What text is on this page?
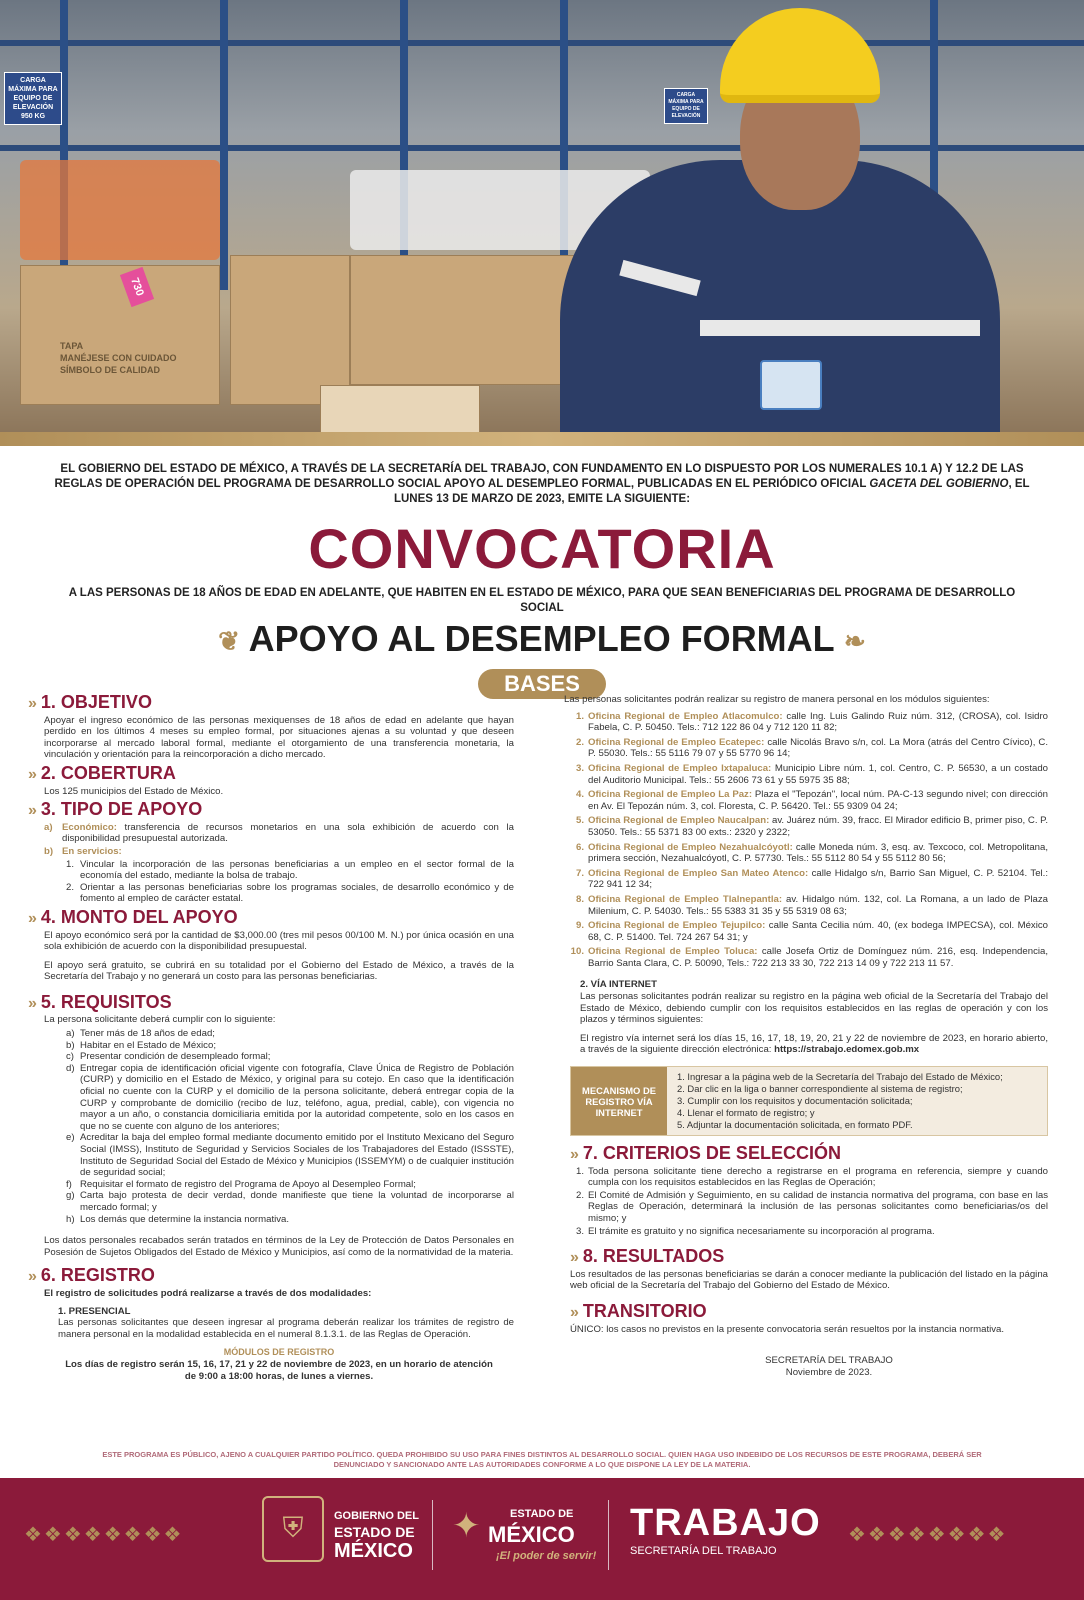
TAPA
MANÉJESE CON CUIDADO
SÍMBOLO DE CALIDAD
730
CARGA MÁXIMA PARA EQUIPO DE ELEVACIÓN 950 KG
CARGA MÁXIMA PARA EQUIPO DE ELEVACIÓN
EL GOBIERNO DEL ESTADO DE MÉXICO, A TRAVÉS DE LA SECRETARÍA DEL TRABAJO, CON FUNDAMENTO EN LO DISPUESTO POR LOS NUMERALES 10.1 A) Y 12.2 DE LAS REGLAS DE OPERACIÓN DEL PROGRAMA DE DESARROLLO SOCIAL APOYO AL DESEMPLEO FORMAL, PUBLICADAS EN EL PERIÓDICO OFICIAL GACETA DEL GOBIERNO, EL LUNES 13 DE MARZO DE 2023, EMITE LA SIGUIENTE:
CONVOCATORIA
A LAS PERSONAS DE 18 AÑOS DE EDAD EN ADELANTE, QUE HABITEN EN EL ESTADO DE MÉXICO, PARA QUE SEAN BENEFICIARIAS DEL PROGRAMA DE DESARROLLO SOCIAL
❦ APOYO AL DESEMPLEO FORMAL ❧
BASES
» 1. OBJETIVO
Apoyar el ingreso económico de las personas mexiquenses de 18 años de edad en adelante que hayan perdido en los últimos 4 meses su empleo formal, por situaciones ajenas a su voluntad y que deseen incorporarse al mercado laboral formal, mediante el otorgamiento de una transferencia monetaria, la vinculación y orientación para la reincorporación a dicho mercado.
» 2. COBERTURA
Los 125 municipios del Estado de México.
» 3. TIPO DE APOYO
a) Económico: transferencia de recursos monetarios en una sola exhibición de acuerdo con la disponibilidad presupuestal autorizada.
b) En servicios:
1. Vincular la incorporación de las personas beneficiarias a un empleo en el sector formal de la economía del estado, mediante la bolsa de trabajo.
2. Orientar a las personas beneficiarias sobre los programas sociales, de desarrollo económico y de fomento al empleo de carácter estatal.
» 4. MONTO DEL APOYO
El apoyo económico será por la cantidad de $3,000.00 (tres mil pesos 00/100 M. N.) por única ocasión en una sola exhibición de acuerdo con la disponibilidad presupuestal.
El apoyo será gratuito, se cubrirá en su totalidad por el Gobierno del Estado de México, a través de la Secretaría del Trabajo y no generará un costo para las personas beneficiarias.
» 5. REQUISITOS
La persona solicitante deberá cumplir con lo siguiente:
a) Tener más de 18 años de edad;
b) Habitar en el Estado de México;
c) Presentar condición de desempleado formal;
d) Entregar copia de identificación oficial vigente con fotografía, Clave Única de Registro de Población (CURP) y domicilio en el Estado de México, y original para su cotejo. En caso que la identificación oficial no cuente con la CURP y el domicilio de la persona solicitante, deberá entregar copia de la CURP y comprobante de domicilio (recibo de luz, teléfono, agua, predial, cable), con vigencia no mayor a un año, o constancia domiciliaria emitida por la autoridad competente, solo en los casos en que no se cuente con alguno de los anteriores;
e) Acreditar la baja del empleo formal mediante documento emitido por el Instituto Mexicano del Seguro Social (IMSS), Instituto de Seguridad y Servicios Sociales de los Trabajadores del Estado (ISSSTE), Instituto de Seguridad Social del Estado de México y Municipios (ISSEMYM) o de cualquier institución de seguridad social;
f) Requisitar el formato de registro del Programa de Apoyo al Desempleo Formal;
g) Carta bajo protesta de decir verdad, donde manifieste que tiene la voluntad de incorporarse al mercado formal; y
h) Los demás que determine la instancia normativa.
Los datos personales recabados serán tratados en términos de la Ley de Protección de Datos Personales en Posesión de Sujetos Obligados del Estado de México y Municipios, así como de la normatividad de la materia.
» 6. REGISTRO
El registro de solicitudes podrá realizarse a través de dos modalidades:
1. PRESENCIAL
Las personas solicitantes que deseen ingresar al programa deberán realizar los trámites de registro de manera personal en la modalidad establecida en el numeral 8.1.3.1. de las Reglas de Operación.
MÓDULOS DE REGISTRO
Los días de registro serán 15, 16, 17, 21 y 22 de noviembre de 2023, en un horario de atención de 9:00 a 18:00 horas, de lunes a viernes.
Las personas solicitantes podrán realizar su registro de manera personal en los módulos siguientes:
1. Oficina Regional de Empleo Atlacomulco: calle Ing. Luis Galindo Ruiz núm. 312, (CROSA), col. Isidro Fabela, C. P. 50450. Tels.: 712 122 86 04 y 712 120 11 82;
2. Oficina Regional de Empleo Ecatepec: calle Nicolás Bravo s/n, col. La Mora (atrás del Centro Cívico), C. P. 55030. Tels.: 55 5116 79 07 y 55 5770 96 14;
3. Oficina Regional de Empleo Ixtapaluca: Municipio Libre núm. 1, col. Centro, C. P. 56530, a un costado del Auditorio Municipal. Tels.: 55 2606 73 61 y 55 5975 35 88;
4. Oficina Regional de Empleo La Paz: Plaza el "Tepozán", local núm. PA-C-13 segundo nivel; con dirección en Av. El Tepozán núm. 3, col. Floresta, C. P. 56420. Tel.: 55 9309 04 24;
5. Oficina Regional de Empleo Naucalpan: av. Juárez núm. 39, fracc. El Mirador edificio B, primer piso, C. P. 53050. Tels.: 55 5371 83 00 exts.: 2320 y 2322;
6. Oficina Regional de Empleo Nezahualcóyotl: calle Moneda núm. 3, esq. av. Texcoco, col. Metropolitana, primera sección, Nezahualcóyotl, C. P. 57730. Tels.: 55 5112 80 54 y 55 5112 80 56;
7. Oficina Regional de Empleo San Mateo Atenco: calle Hidalgo s/n, Barrio San Miguel, C. P. 52104. Tel.: 722 941 12 34;
8. Oficina Regional de Empleo Tlalnepantla: av. Hidalgo núm. 132, col. La Romana, a un lado de Plaza Milenium, C. P. 54030. Tels.: 55 5383 31 35 y 55 5319 08 63;
9. Oficina Regional de Empleo Tejupilco: calle Santa Cecilia núm. 40, (ex bodega IMPECSA), col. México 68, C. P. 51400. Tel. 724 267 54 31; y
10. Oficina Regional de Empleo Toluca: calle Josefa Ortiz de Domínguez núm. 216, esq. Independencia, Barrio Santa Clara, C. P. 50090, Tels.: 722 213 33 30, 722 213 14 09 y 722 213 11 57.
2. VÍA INTERNET
Las personas solicitantes podrán realizar su registro en la página web oficial de la Secretaría del Trabajo del Estado de México, debiendo cumplir con los requisitos establecidos en las reglas de operación y con los plazos y términos siguientes:
El registro vía internet será los días 15, 16, 17, 18, 19, 20, 21 y 22 de noviembre de 2023, en horario abierto, a través de la siguiente dirección electrónica: https://strabajo.edomex.gob.mx
MECANISMO DE REGISTRO VÍA INTERNET
1. Ingresar a la página web de la Secretaría del Trabajo del Estado de México;
2. Dar clic en la liga o banner correspondiente al sistema de registro;
3. Cumplir con los requisitos y documentación solicitada;
4. Llenar el formato de registro; y
5. Adjuntar la documentación solicitada, en formato PDF.
» 7. CRITERIOS DE SELECCIÓN
1. Toda persona solicitante tiene derecho a registrarse en el programa en referencia, siempre y cuando cumpla con los requisitos establecidos en las Reglas de Operación;
2. El Comité de Admisión y Seguimiento, en su calidad de instancia normativa del programa, con base en las Reglas de Operación, determinará la inclusión de las personas solicitantes como beneficiarias/os del mismo; y
3. El trámite es gratuito y no significa necesariamente su incorporación al programa.
» 8. RESULTADOS
Los resultados de las personas beneficiarias se darán a conocer mediante la publicación del listado en la página web oficial de la Secretaría del Trabajo del Gobierno del Estado de México.
» TRANSITORIO
ÚNICO: los casos no previstos en la presente convocatoria serán resueltos por la instancia normativa.
SECRETARÍA DEL TRABAJO
Noviembre de 2023.
ESTE PROGRAMA ES PÚBLICO, AJENO A CUALQUIER PARTIDO POLÍTICO. QUEDA PROHIBIDO SU USO PARA FINES DISTINTOS AL DESARROLLO SOCIAL. QUIEN HAGA USO INDEBIDO DE LOS RECURSOS DE ESTE PROGRAMA, DEBERÁ SER DENUNCIADO Y SANCIONADO ANTE LAS AUTORIDADES CONFORME A LO QUE DISPONE LA LEY DE LA MATERIA.
❖❖❖❖❖❖❖❖	⛨	GOBIERNO DEL
ESTADO DE
MÉXICO
✦	ESTADO DE
MÉXICO
¡El poder de servir!
TRABAJO
SECRETARÍA DEL TRABAJO
❖❖❖❖❖❖❖❖
